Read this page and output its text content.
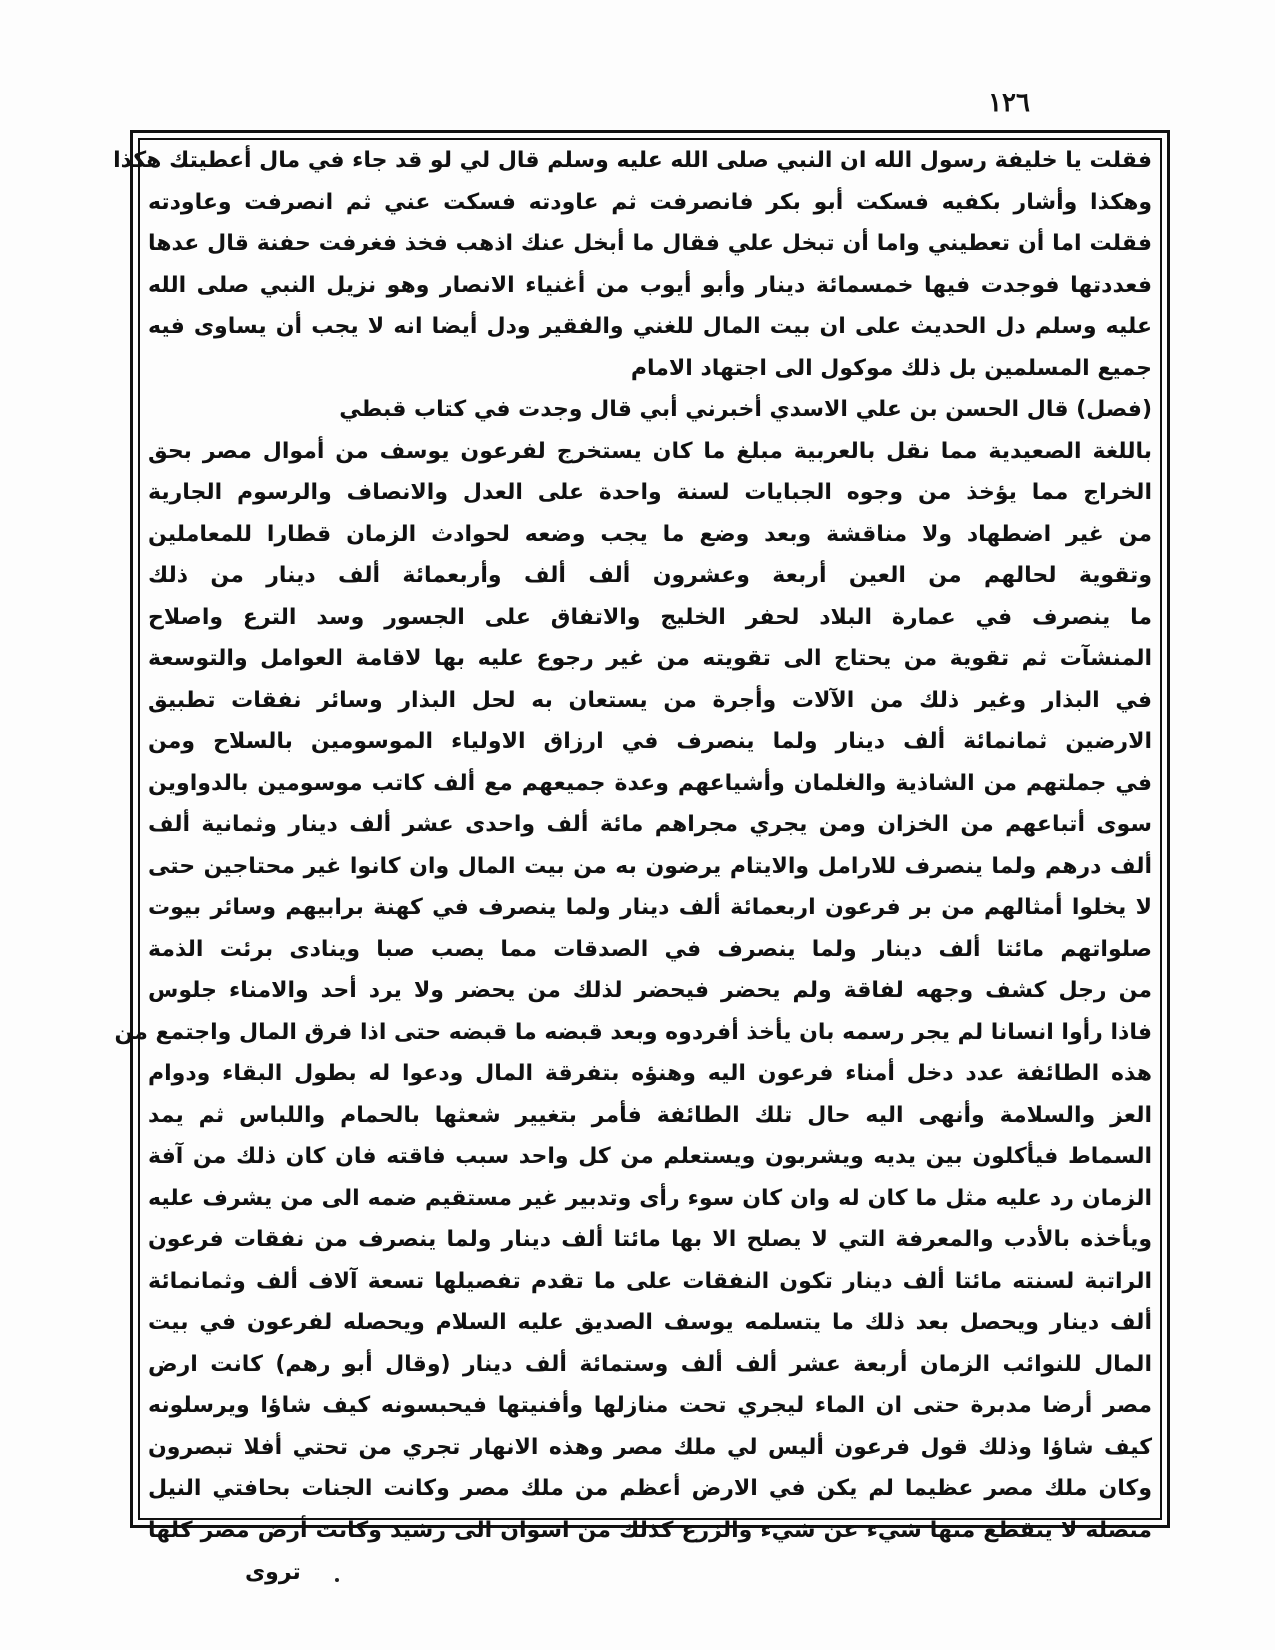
١٢٦
فقلت يا خليفة رسول الله ان النبي صلى الله عليه وسلم قال لي لو قد جاء في مال أعطيتك هكذا
وهكذا وأشار بكفيه فسكت أبو بكر فانصرفت ثم عاودته فسكت عني ثم انصرفت وعاودته
فقلت اما أن تعطيني واما أن تبخل علي فقال ما أبخل عنك اذهب فخذ فغرفت حفنة قال عدها
فعددتها فوجدت فيها خمسمائة دينار وأبو أيوب من أغنياء الانصار وهو نزيل النبي صلى الله
عليه وسلم دل الحديث على ان بيت المال للغني والفقير ودل أيضا انه لا يجب أن يساوى فيه
جميع المسلمين بل ذلك موكول الى اجتهاد الامام
(فصل) قال الحسن بن علي الاسدي أخبرني أبي قال وجدت في كتاب قبطي
باللغة الصعيدية مما نقل بالعربية مبلغ ما كان يستخرج لفرعون يوسف من أموال مصر بحق
الخراج مما يؤخذ من وجوه الجبايات لسنة واحدة على العدل والانصاف والرسوم الجارية
من غير اضطهاد ولا مناقشة وبعد وضع ما يجب وضعه لحوادث الزمان قطارا للمعاملين
وتقوية لحالهم من العين أربعة وعشرون ألف ألف وأربعمائة ألف دينار من ذلك
ما ينصرف في عمارة البلاد لحفر الخليج والاتفاق على الجسور وسد الترع واصلاح
المنشآت ثم تقوية من يحتاج الى تقويته من غير رجوع عليه بها لاقامة العوامل والتوسعة
في البذار وغير ذلك من الآلات وأجرة من يستعان به لحل البذار وسائر نفقات تطبيق
الارضين ثمانمائة ألف دينار ولما ينصرف في ارزاق الاولياء الموسومين بالسلاح ومن
في جملتهم من الشاذية والغلمان وأشياعهم وعدة جميعهم مع ألف كاتب موسومين بالدواوين
سوى أتباعهم من الخزان ومن يجري مجراهم مائة ألف واحدى عشر ألف دينار وثمانية ألف
ألف درهم ولما ينصرف للارامل والايتام يرضون به من بيت المال وان كانوا غير محتاجين حتى
لا يخلوا أمثالهم من بر فرعون اربعمائة ألف دينار ولما ينصرف في كهنة برابيهم وسائر بيوت
صلواتهم مائتا ألف دينار ولما ينصرف في الصدقات مما يصب صبا وينادى برئت الذمة
من رجل كشف وجهه لفاقة ولم يحضر فيحضر لذلك من يحضر ولا يرد أحد والامناء جلوس
فاذا رأوا انسانا لم يجر رسمه بان يأخذ أفردوه وبعد قبضه ما قبضه حتى اذا فرق المال واجتمع من
هذه الطائفة عدد دخل أمناء فرعون اليه وهنؤه بتفرقة المال ودعوا له بطول البقاء ودوام
العز والسلامة وأنهى اليه حال تلك الطائفة فأمر بتغيير شعثها بالحمام واللباس ثم يمد
السماط فيأكلون بين يديه ويشربون ويستعلم من كل واحد سبب فاقته فان كان ذلك من آفة
الزمان رد عليه مثل ما كان له وان كان سوء رأى وتدبير غير مستقيم ضمه الى من يشرف عليه
ويأخذه بالأدب والمعرفة التي لا يصلح الا بها مائتا ألف دينار ولما ينصرف من نفقات فرعون
الراتبة لسنته مائتا ألف دينار تكون النفقات على ما تقدم تفصيلها تسعة آلاف ألف وثمانمائة
ألف دينار ويحصل بعد ذلك ما يتسلمه يوسف الصديق عليه السلام ويحصله لفرعون في بيت
المال للنوائب الزمان أربعة عشر ألف ألف وستمائة ألف دينار (وقال أبو رهم) كانت ارض
مصر أرضا مدبرة حتى ان الماء ليجري تحت منازلها وأفنيتها فيحبسونه كيف شاؤا ويرسلونه
كيف شاؤا وذلك قول فرعون أليس لي ملك مصر وهذه الانهار تجري من تحتي أفلا تبصرون
وكان ملك مصر عظيما لم يكن في الارض أعظم من ملك مصر وكانت الجنات بحافتي النيل
متصلة لا ينقطع منها شيء عن شيء والزرع كذلك من اسوان الى رشيد وكانت أرض مصر كلها
تروى
